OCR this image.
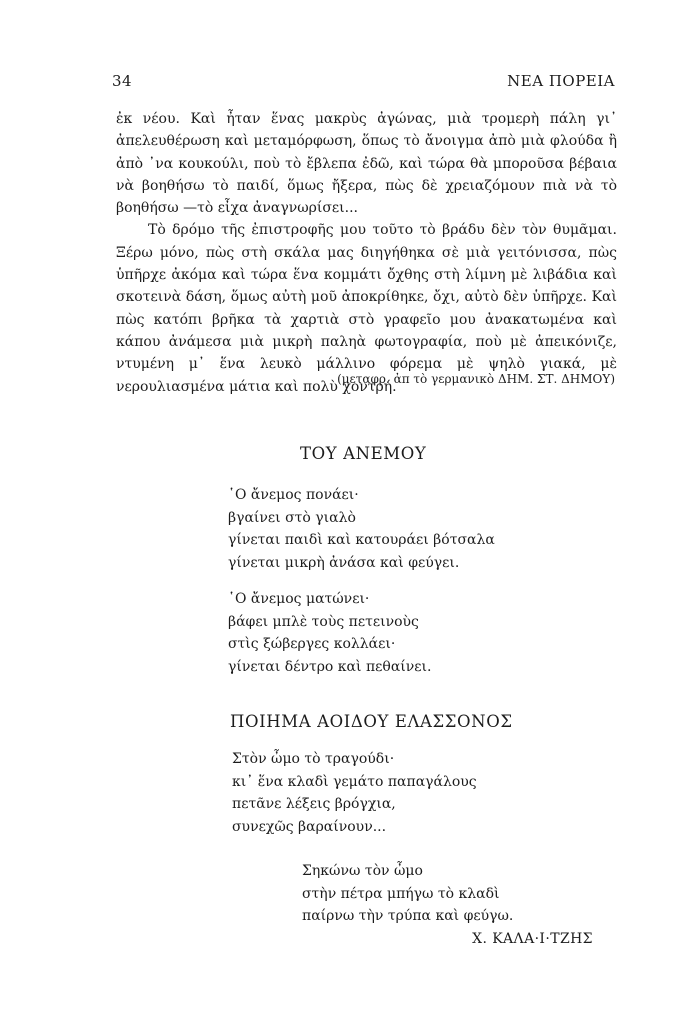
34	ΝΕΑ ΠΟΡΕΙΑ

ἐκ νέου. Καὶ ἦταν ἕνας μακρὺς ἀγώνας, μιὰ τρομερὴ πάλη γι᾽ ἀπελευθέρωση καὶ μεταμόρφωση, ὅπως τὸ ἄνοιγμα ἀπὸ μιὰ φλούδα ἢ ἀπὸ ᾽να κουκούλι, ποὺ τὸ ἔβλεπα ἐδῶ, καὶ τώρα θὰ μποροῦσα βέβαια νὰ βοηθήσω τὸ παιδί, ὅμως ἤξερα, πὼς δὲ χρειαζόμουν πιὰ νὰ τὸ βοηθήσω —τὸ εἶχα ἀναγνωρίσει...

Τὸ δρόμο τῆς ἐπιστροφῆς μου τοῦτο τὸ βράδυ δὲν τὸν θυμᾶμαι. Ξέρω μόνο, πὼς στὴ σκάλα μας διηγήθηκα σὲ μιὰ γειτόνισσα, πὼς ὑπῆρχε ἀκόμα καὶ τώρα ἕνα κομμάτι ὄχθης στὴ λίμνη μὲ λιβάδια καὶ σκοτεινὰ δάση, ὅμως αὐτὴ μοῦ ἀποκρίθηκε, ὄχι, αὐτὸ δὲν ὑπῆρχε. Καὶ πὼς κατόπι βρῆκα τὰ χαρτιὰ στὸ γραφεῖο μου ἀνακατωμένα καὶ κάπου ἀνάμεσα μιὰ μικρὴ παληὰ φωτογραφία, ποὺ μὲ ἀπεικόνιζε, ντυμένη μ᾽ ἕνα λευκὸ μάλλινο φόρεμα μὲ ψηλὸ γιακά, μὲ νερουλιασμένα μάτια καὶ πολὺ χοντρή.

(μεταφρ. ἀπ τὸ γερμανικὸ ΔΗΜ. ΣΤ. ΔΗΜΟΥ)
ΤΟΥ ΑΝΕΜΟΥ
῾Ο ἄνεμος πονάει·
βγαίνει στὸ γιαλὸ
γίνεται παιδὶ καὶ κατουράει βότσαλα
γίνεται μικρὴ ἀνάσα καὶ φεύγει.
῾Ο ἄνεμος ματώνει·
βάφει μπλὲ τοὺς πετεινοὺς
στὶς ξώβεργες κολλάει·
γίνεται δέντρο καὶ πεθαίνει.
ΠΟΙΗΜΑ ΑΟΙΔΟΥ ΕΛΑΣΣΟΝΟΣ
Στὸν ὦμο τὸ τραγούδι·
κι᾽ ἕνα κλαδὶ γεμάτο παπαγάλους
πετᾶνε λέξεις βρόγχια,
συνεχῶς βαραίνουν...
Σηκώνω τὸν ὦμο
στὴν πέτρα μπήγω τὸ κλαδὶ
παίρνω τὴν τρύπα καὶ φεύγω.
Χ. ΚΑΛΑ·Ι·ΤΖΗΣ
